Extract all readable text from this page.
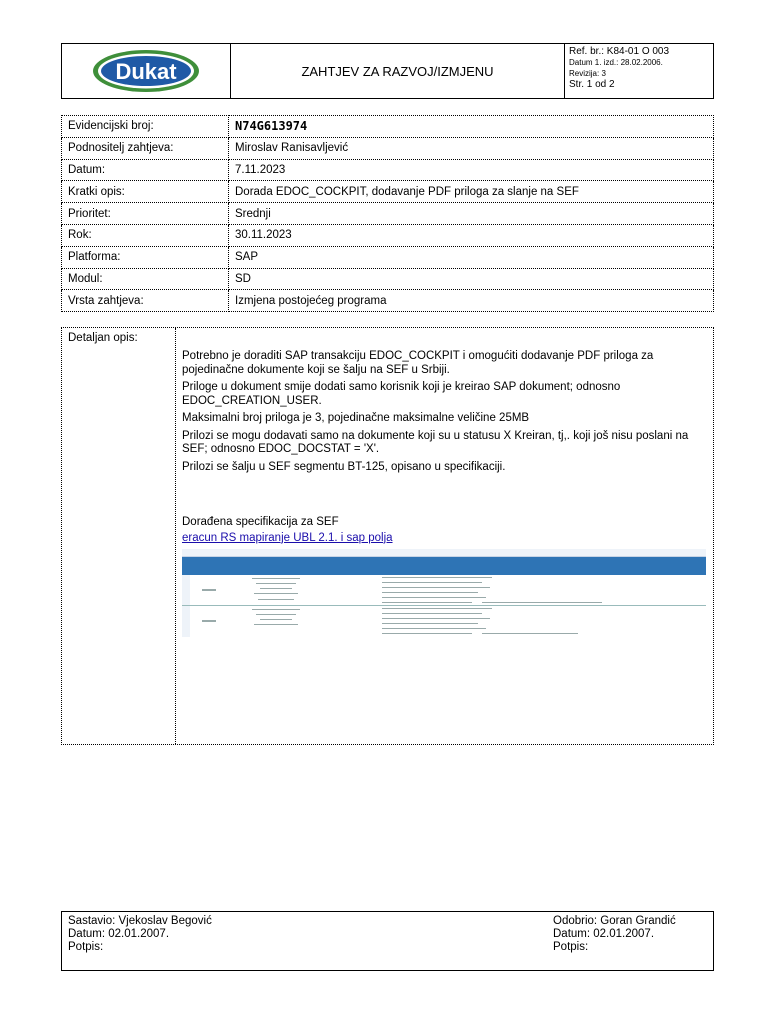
Dukat	ZAHTJEV ZA RAZVOJ/IZMJENU
Ref. br.: K84-01 O 003
Datum 1. izd.: 28.02.2006.
Revizija: 3
Str. 1 od 2
Evidencijski broj:	N74G613974
Podnositelj zahtjeva:	Miroslav Ranisavljević
Datum:	7.11.2023
Kratki opis:	Dorada EDOC_COCKPIT, dodavanje PDF priloga za slanje na SEF
Prioritet:	Srednji
Rok:	30.11.2023
Platforma:	SAP
Modul:	SD
Vrsta zahtjeva:	Izmjena postojećeg programa
Detaljan opis:

Potrebno je doraditi SAP transakciju EDOC_COCKPIT i omogućiti dodavanje PDF priloga za pojedinačne dokumente koji se šalju na SEF u Srbiji.

Priloge u dokument smije dodati samo korisnik koji je kreirao SAP dokument; odnosno EDOC_CREATION_USER.

Maksimalni broj priloga je 3, pojedinačne maksimalne veličine 25MB

Prilozi se mogu dodavati samo na dokumente koji su u statusu X Kreiran, tj,. koji još nisu poslani na SEF; odnosno EDOC_DOCSTAT = 'X'.

Prilozi se šalju u SEF segmentu BT-125, opisano u specifikaciji.

Dorađena specifikacija za SEF

eracun RS mapiranje UBL 2.1. i sap polja
Sastavio: Vjekoslav Begović
Datum: 02.01.2007.
Potpis:
Odobrio: Goran Grandić
Datum: 02.01.2007.
Potpis:
